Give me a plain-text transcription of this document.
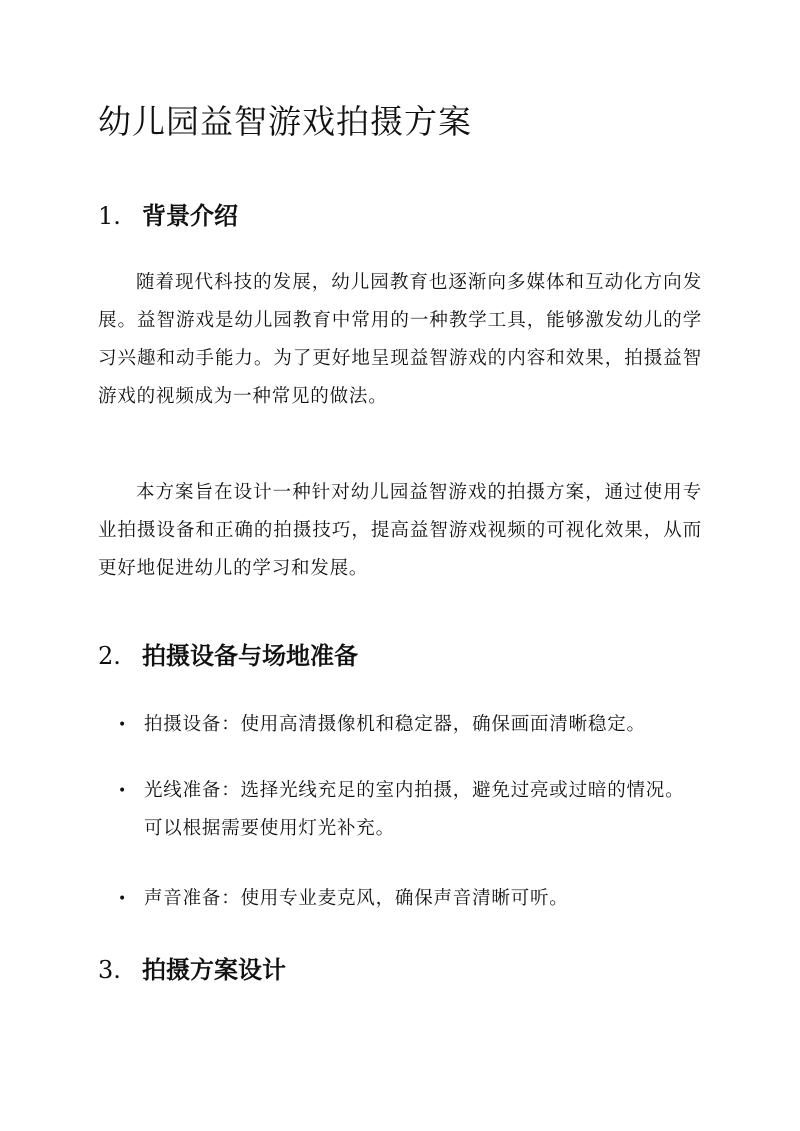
幼儿园益智游戏拍摄方案
1. 背景介绍

随着现代科技的发展，幼儿园教育也逐渐向多媒体和互动化方向发展。益智游戏是幼儿园教育中常用的一种教学工具，能够激发幼儿的学习兴趣和动手能力。为了更好地呈现益智游戏的内容和效果，拍摄益智游戏的视频成为一种常见的做法。

本方案旨在设计一种针对幼儿园益智游戏的拍摄方案，通过使用专业拍摄设备和正确的拍摄技巧，提高益智游戏视频的可视化效果，从而更好地促进幼儿的学习和发展。

2. 拍摄设备与场地准备
• 拍摄设备：使用高清摄像机和稳定器，确保画面清晰稳定。
• 光线准备：选择光线充足的室内拍摄，避免过亮或过暗的情况。可以根据需要使用灯光补充。
• 声音准备：使用专业麦克风，确保声音清晰可听。
3. 拍摄方案设计
